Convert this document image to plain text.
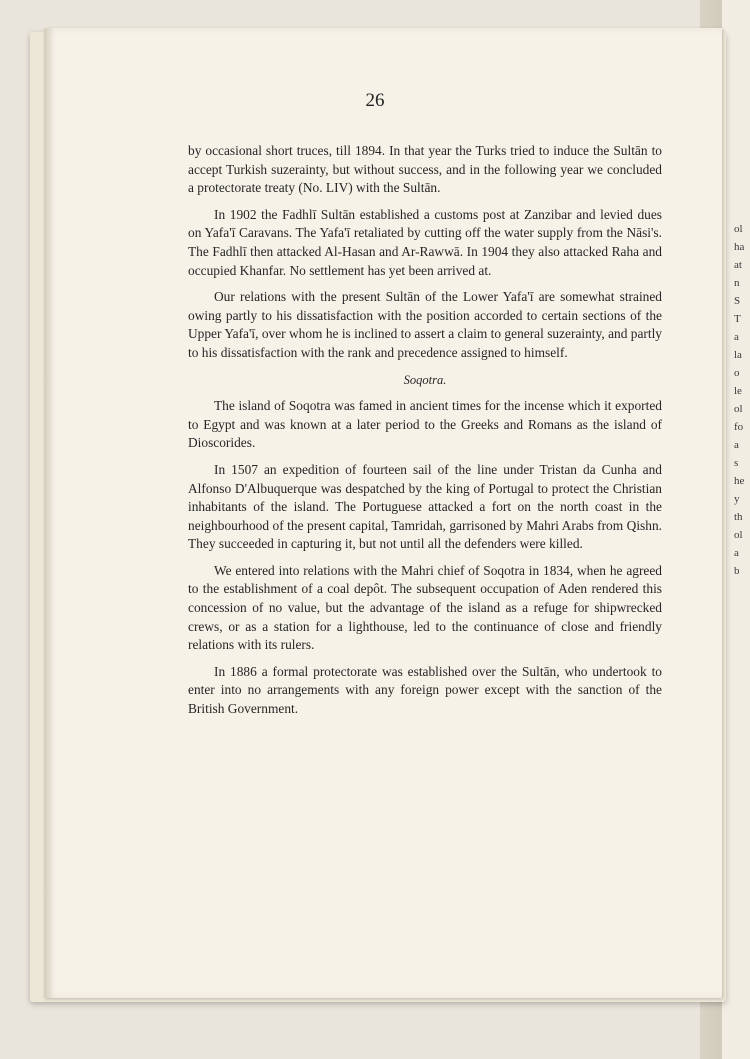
ol
ha
at
n
S
T
a
la
o
le
ol
fo
a
s
he
y
th
ol
a
b
26

by occasional short truces, till 1894. In that year the Turks tried to induce the Sultān to accept Turkish suzerainty, but without success, and in the following year we concluded a protectorate treaty (No. LIV) with the Sultān.

In 1902 the Fadhlī Sultān established a customs post at Zanzibar and levied dues on Yafa'ī Caravans. The Yafa'ī retaliated by cutting off the water supply from the Nāsi's. The Fadhlī then attacked Al-Hasan and Ar-Rawwā. In 1904 they also attacked Raha and occupied Khanfar. No settlement has yet been arrived at.

Our relations with the present Sultān of the Lower Yafa'ī are somewhat strained owing partly to his dissatisfaction with the position accorded to certain sections of the Upper Yafa'ī, over whom he is inclined to assert a claim to general suzerainty, and partly to his dissatisfaction with the rank and precedence assigned to himself.

Soqotra.

The island of Soqotra was famed in ancient times for the incense which it exported to Egypt and was known at a later period to the Greeks and Romans as the island of Dioscorides.

In 1507 an expedition of fourteen sail of the line under Tristan da Cunha and Alfonso D'Albuquerque was despatched by the king of Portugal to protect the Christian inhabitants of the island. The Portuguese attacked a fort on the north coast in the neighbourhood of the present capital, Tamridah, garrisoned by Mahri Arabs from Qishn. They succeeded in capturing it, but not until all the defenders were killed.

We entered into relations with the Mahri chief of Soqotra in 1834, when he agreed to the establishment of a coal depôt. The subsequent occupation of Aden rendered this concession of no value, but the advantage of the island as a refuge for shipwrecked crews, or as a station for a lighthouse, led to the continuance of close and friendly relations with its rulers.

In 1886 a formal protectorate was established over the Sultān, who undertook to enter into no arrangements with any foreign power except with the sanction of the British Government.
